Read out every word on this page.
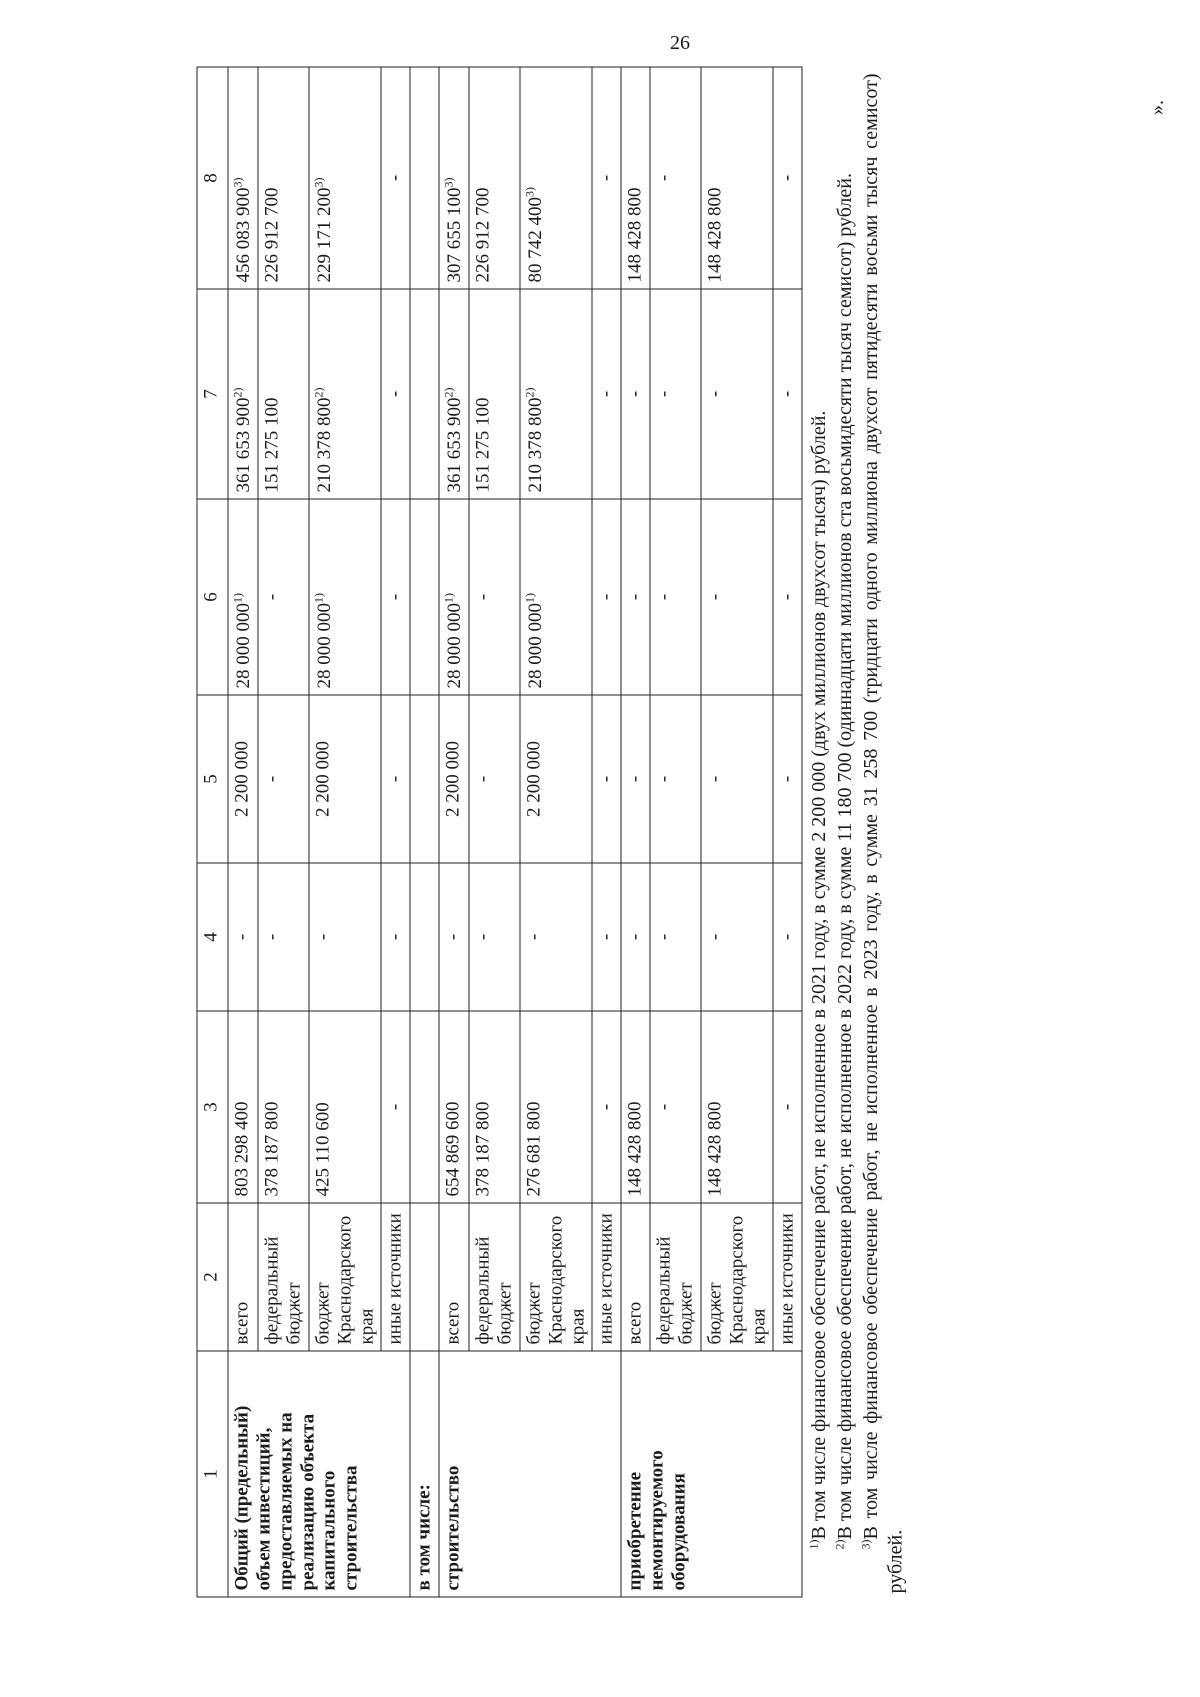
26
».
1	2	3	4	5	6	7	8
Общий (предельный) объем инвестиций, предоставляемых на реализацию объекта капитального строительства	всего	803 298 400	-	2 200 000	28 000 000$^{1)}$	361 653 900$^{2)}$	456 083 900$^{3)}$
	федеральный бюджет	378 187 800	-	-	-	151 275 100	226 912 700
	бюджет Краснодарского края	425 110 600	-	2 200 000	28 000 000$^{1)}$	210 378 800$^{2)}$	229 171 200$^{3)}$
	иные источники	-	-	-	-	-	-
в том числе:							
строительство	всего	654 869 600	-	2 200 000	28 000 000$^{1)}$	361 653 900$^{2)}$	307 655 100$^{3)}$
	федеральный бюджет	378 187 800	-	-	-	151 275 100	226 912 700
	бюджет Краснодарского края	276 681 800	-	2 200 000	28 000 000$^{1)}$	210 378 800$^{2)}$	80 742 400$^{3)}$
	иные источники	-	-	-	-	-	-
приобретение немонтируемого оборудования	всего	148 428 800	-	-	-	-	148 428 800
	федеральный бюджет	-	-	-	-	-	-
	бюджет Краснодарского края	148 428 800	-	-	-	-	148 428 800
	иные источники	-	-	-	-	-	-

$^{1)}$В том числе финансовое обеспечение работ, не исполненное в 2021 году, в сумме 2 200 000 (двух миллионов двухсот тысяч) рублей.

$^{2)}$В том числе финансовое обеспечение работ, не исполненное в 2022 году, в сумме 11 180 700 (одиннадцати миллионов ста восьмидесяти тысяч семисот) рублей.

$^{3)}$В том числе финансовое обеспечение работ, не исполненное в 2023 году, в сумме 31 258 700 (тридцати одного миллиона двухсот пятидесяти восьми тысяч семисот) рублей.
